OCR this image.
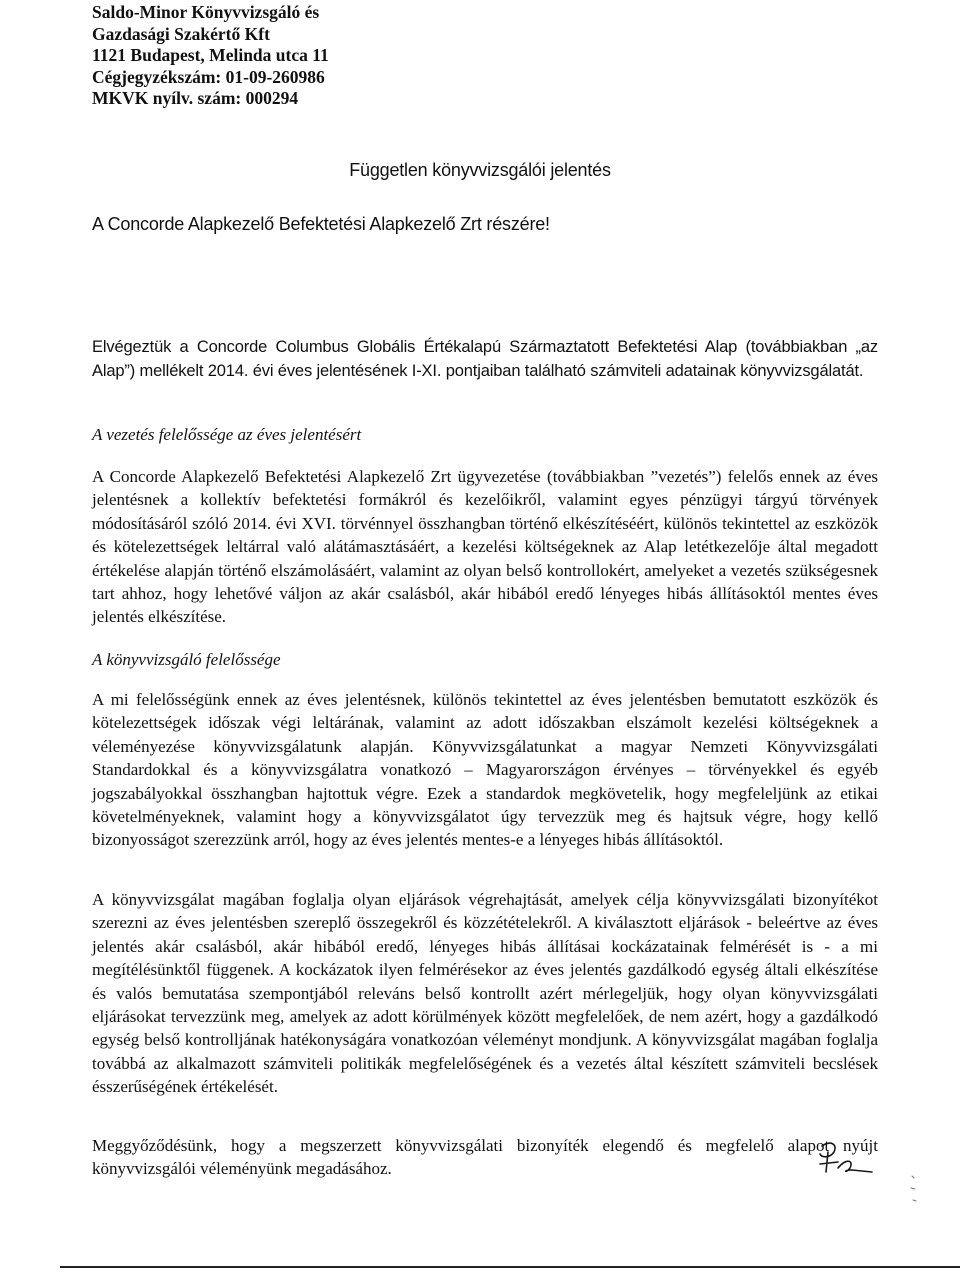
Saldo-Minor Könyvvizsgáló és
Gazdasági Szakértő Kft
1121 Budapest, Melinda utca 11
Cégjegyzékszám: 01-09-260986
MKVK nyílv. szám: 000294
Független könyvvizsgálói jelentés
A Concorde Alapkezelő Befektetési Alapkezelő Zrt részére!
Elvégeztük a Concorde Columbus Globális Értékalapú Származtatott Befektetési Alap (továbbiakban „az Alap”) mellékelt 2014. évi éves jelentésének I-XI. pontjaiban található számviteli adatainak könyvvizsgálatát.
A vezetés felelőssége az éves jelentésért
A Concorde Alapkezelő Befektetési Alapkezelő Zrt ügyvezetése (továbbiakban ”vezetés”) felelős ennek az éves jelentésnek a kollektív befektetési formákról és kezelőikről, valamint egyes pénzügyi tárgyú törvények módosításáról szóló 2014. évi XVI. törvénnyel összhangban történő elkészítéséért, különös tekintettel az eszközök és kötelezettségek leltárral való alátámasztásáért, a kezelési költségeknek az Alap letétkezelője által megadott értékelése alapján történő elszámolásáért, valamint az olyan belső kontrollokért, amelyeket a vezetés szükségesnek tart ahhoz, hogy lehetővé váljon az akár csalásból, akár hibából eredő lényeges hibás állításoktól mentes éves jelentés elkészítése.
A könyvvizsgáló felelőssége
A mi felelősségünk ennek az éves jelentésnek, különös tekintettel az éves jelentésben bemutatott eszközök és kötelezettségek időszak végi leltárának, valamint az adott időszakban elszámolt kezelési költségeknek a véleményezése könyvvizsgálatunk alapján. Könyvvizsgálatunkat a magyar Nemzeti Könyvvizsgálati Standardokkal és a könyvvizsgálatra vonatkozó – Magyarországon érvényes – törvényekkel és egyéb jogszabályokkal összhangban hajtottuk végre. Ezek a standardok megkövetelik, hogy megfeleljünk az etikai követelményeknek, valamint hogy a könyvvizsgálatot úgy tervezzük meg és hajtsuk végre, hogy kellő bizonyosságot szerezzünk arról, hogy az éves jelentés mentes-e a lényeges hibás állításoktól.
A könyvvizsgálat magában foglalja olyan eljárások végrehajtását, amelyek célja könyvvizsgálati bizonyítékot szerezni az éves jelentésben szereplő összegekről és közzétételekről. A kiválasztott eljárások - beleértve az éves jelentés akár csalásból, akár hibából eredő, lényeges hibás állításai kockázatainak felmérését is - a mi megítélésünktől függenek. A kockázatok ilyen felmérésekor az éves jelentés gazdálkodó egység általi elkészítése és valós bemutatása szempontjából releváns belső kontrollt azért mérlegeljük, hogy olyan könyvvizsgálati eljárásokat tervezzünk meg, amelyek az adott körülmények között megfelelőek, de nem azért, hogy a gazdálkodó egység belső kontrolljának hatékonyságára vonatkozóan véleményt mondjunk. A könyvvizsgálat magában foglalja továbbá az alkalmazott számviteli politikák megfelelőségének és a vezetés által készített számviteli becslések ésszerűségének értékelését.
Meggyőződésünk, hogy a megszerzett könyvvizsgálati bizonyíték elegendő és megfelelő alapot nyújt könyvvizsgálói véleményünk megadásához.
